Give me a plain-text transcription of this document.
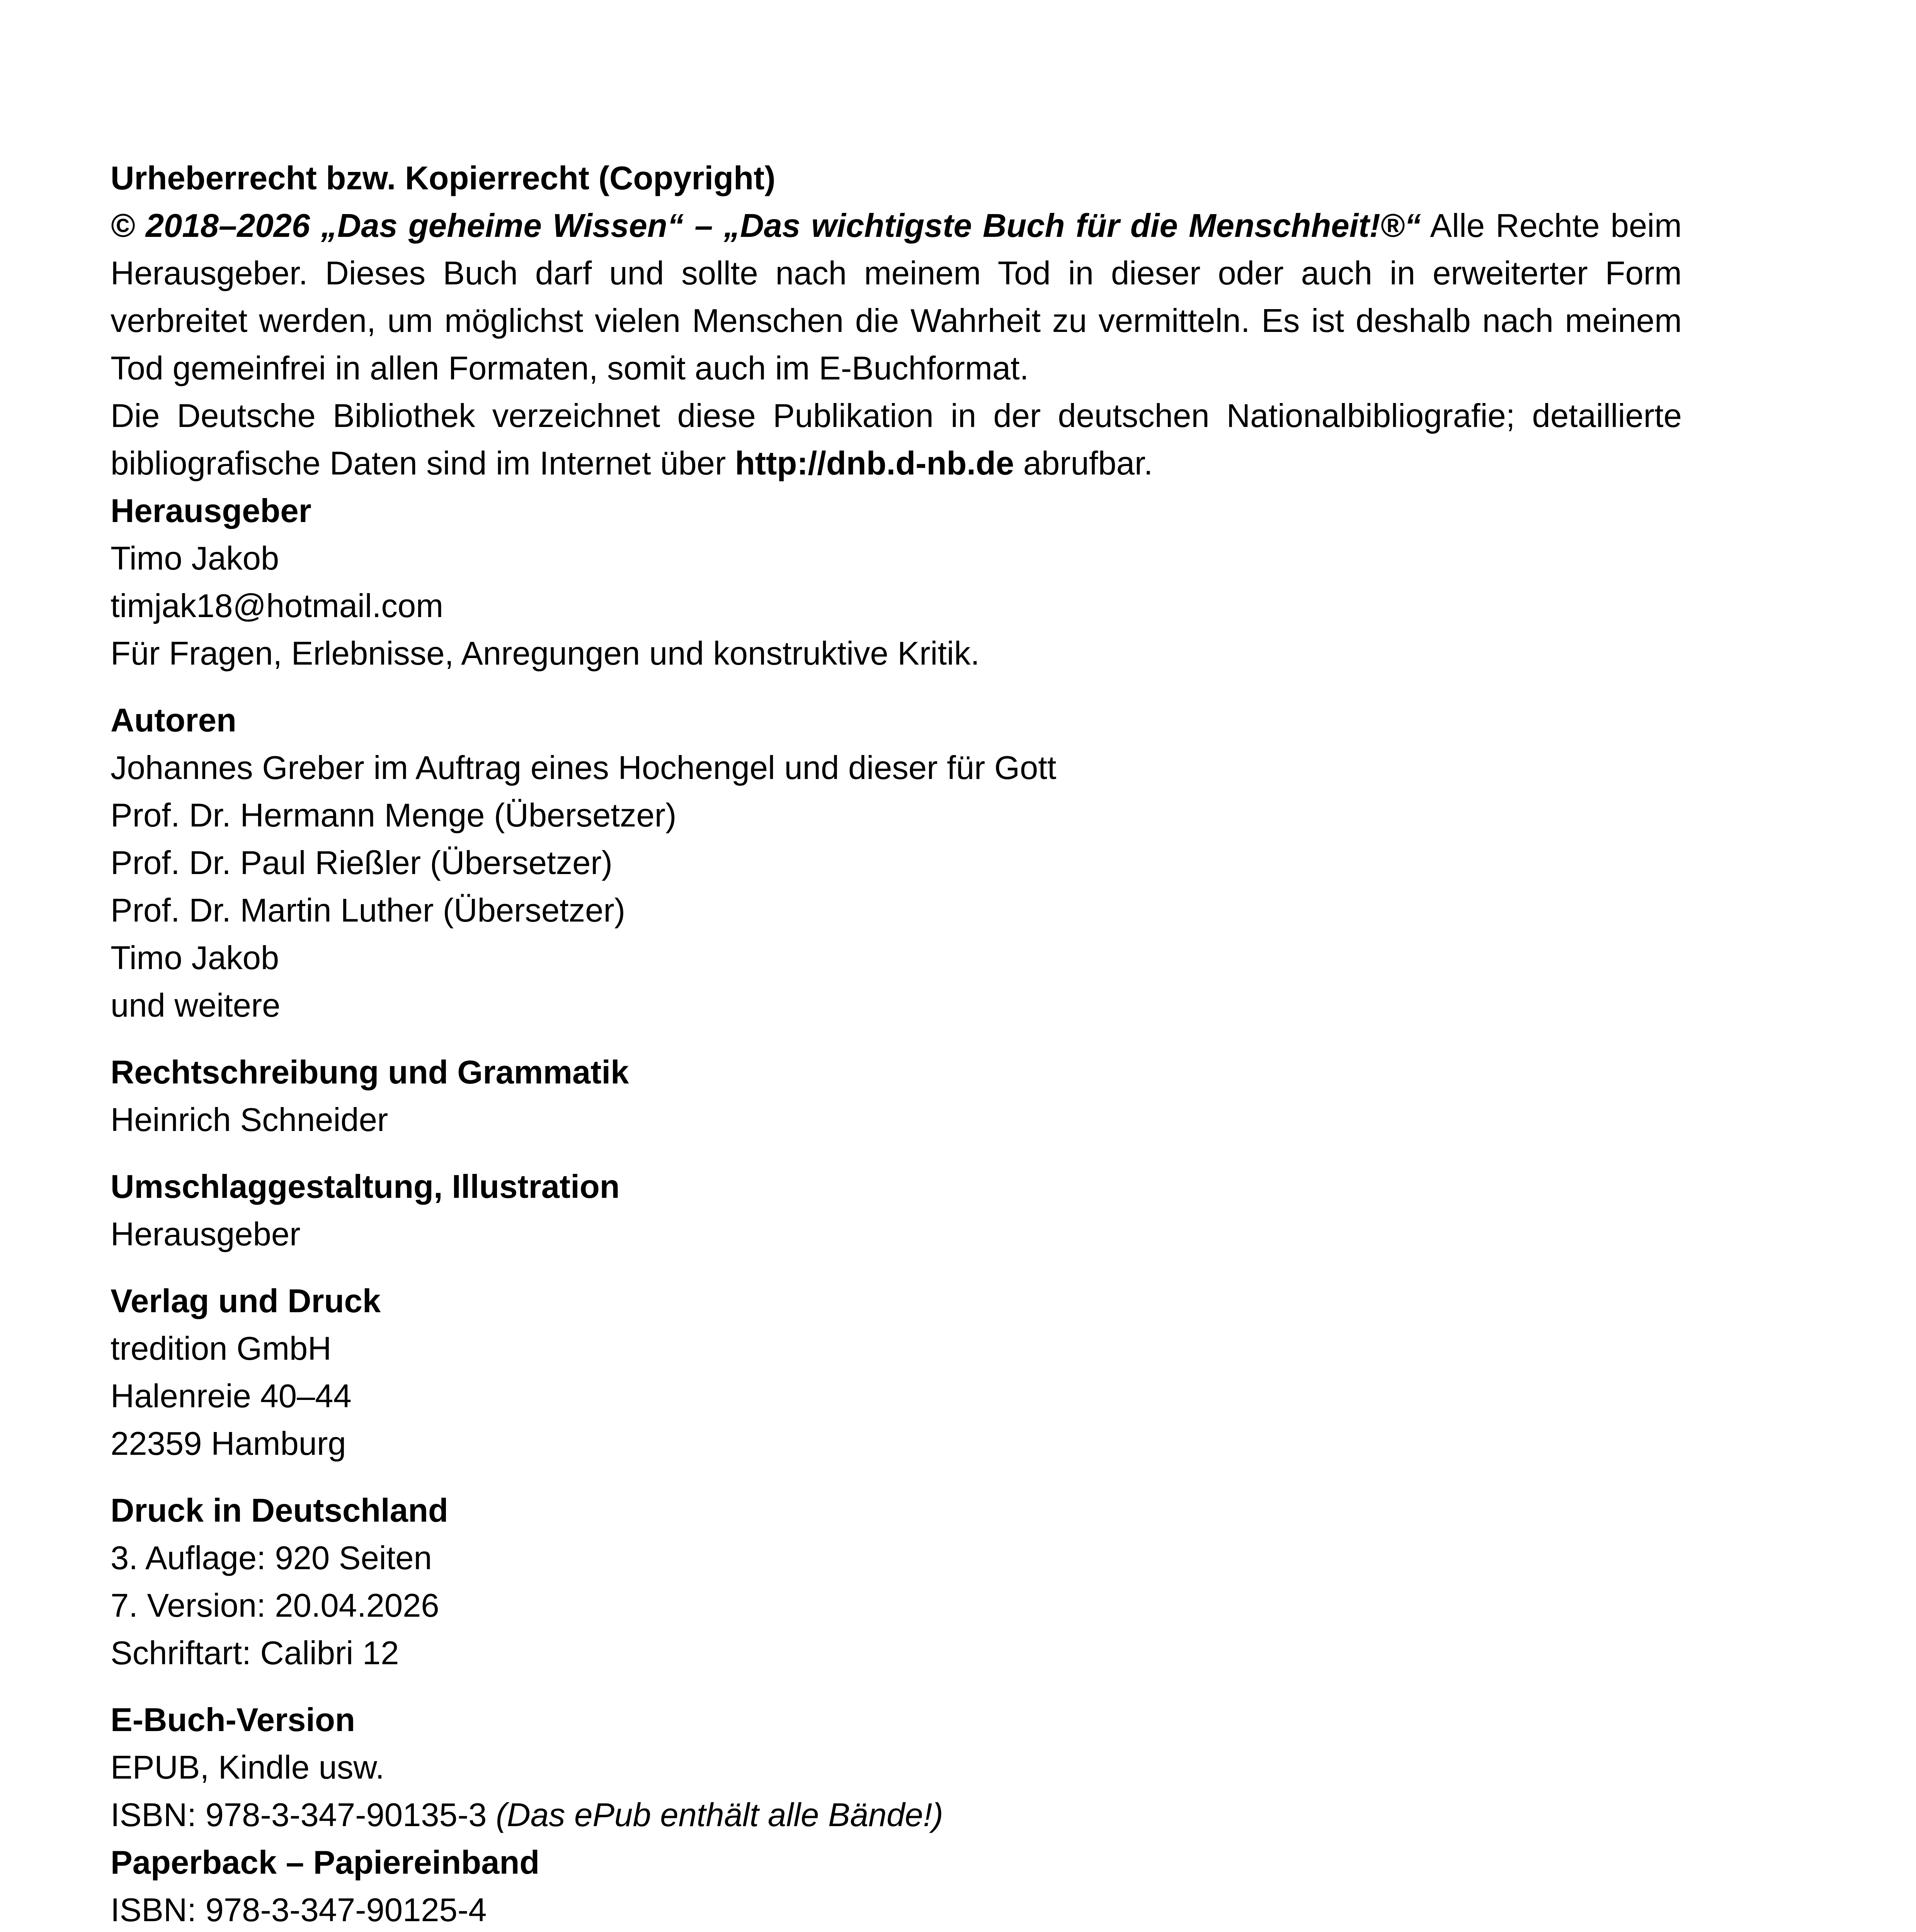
Urheberrecht bzw. Kopierrecht (Copyright)

© 2018–2026 „Das geheime Wissen“ – „Das wichtigste Buch für die Menschheit!®“ Alle Rechte beim Herausgeber. Dieses Buch darf und sollte nach meinem Tod in dieser oder auch in erweiterter Form verbreitet werden, um möglichst vielen Menschen die Wahrheit zu vermitteln. Es ist deshalb nach meinem Tod gemeinfrei in allen Formaten, somit auch im E-Buchformat.

Die Deutsche Bibliothek verzeichnet diese Publikation in der deutschen Nationalbibliografie; detaillierte bibliografische Daten sind im Internet über http://dnb.d-nb.de abrufbar.

Herausgeber
Timo Jakob
timjak18@hotmail.com
Für Fragen, Erlebnisse, Anregungen und konstruktive Kritik.
Autoren
Johannes Greber im Auftrag eines Hochengel und dieser für Gott
Prof. Dr. Hermann Menge (Übersetzer)
Prof. Dr. Paul Rießler (Übersetzer)
Prof. Dr. Martin Luther (Übersetzer)
Timo Jakob
und weitere
Rechtschreibung und Grammatik
Heinrich Schneider
Umschlaggestaltung, Illustration
Herausgeber
Verlag und Druck
tredition GmbH
Halenreie 40–44
22359 Hamburg
Druck in Deutschland
3. Auflage: 920 Seiten
7. Version: 20.04.2026
Schriftart: Calibri 12
E-Buch-Version
EPUB, Kindle usw.
ISBN: 978-3-347-90135-3 (Das ePub enthält alle Bände!)
Paperback – Papiereinband
ISBN: 978-3-347-90125-4
